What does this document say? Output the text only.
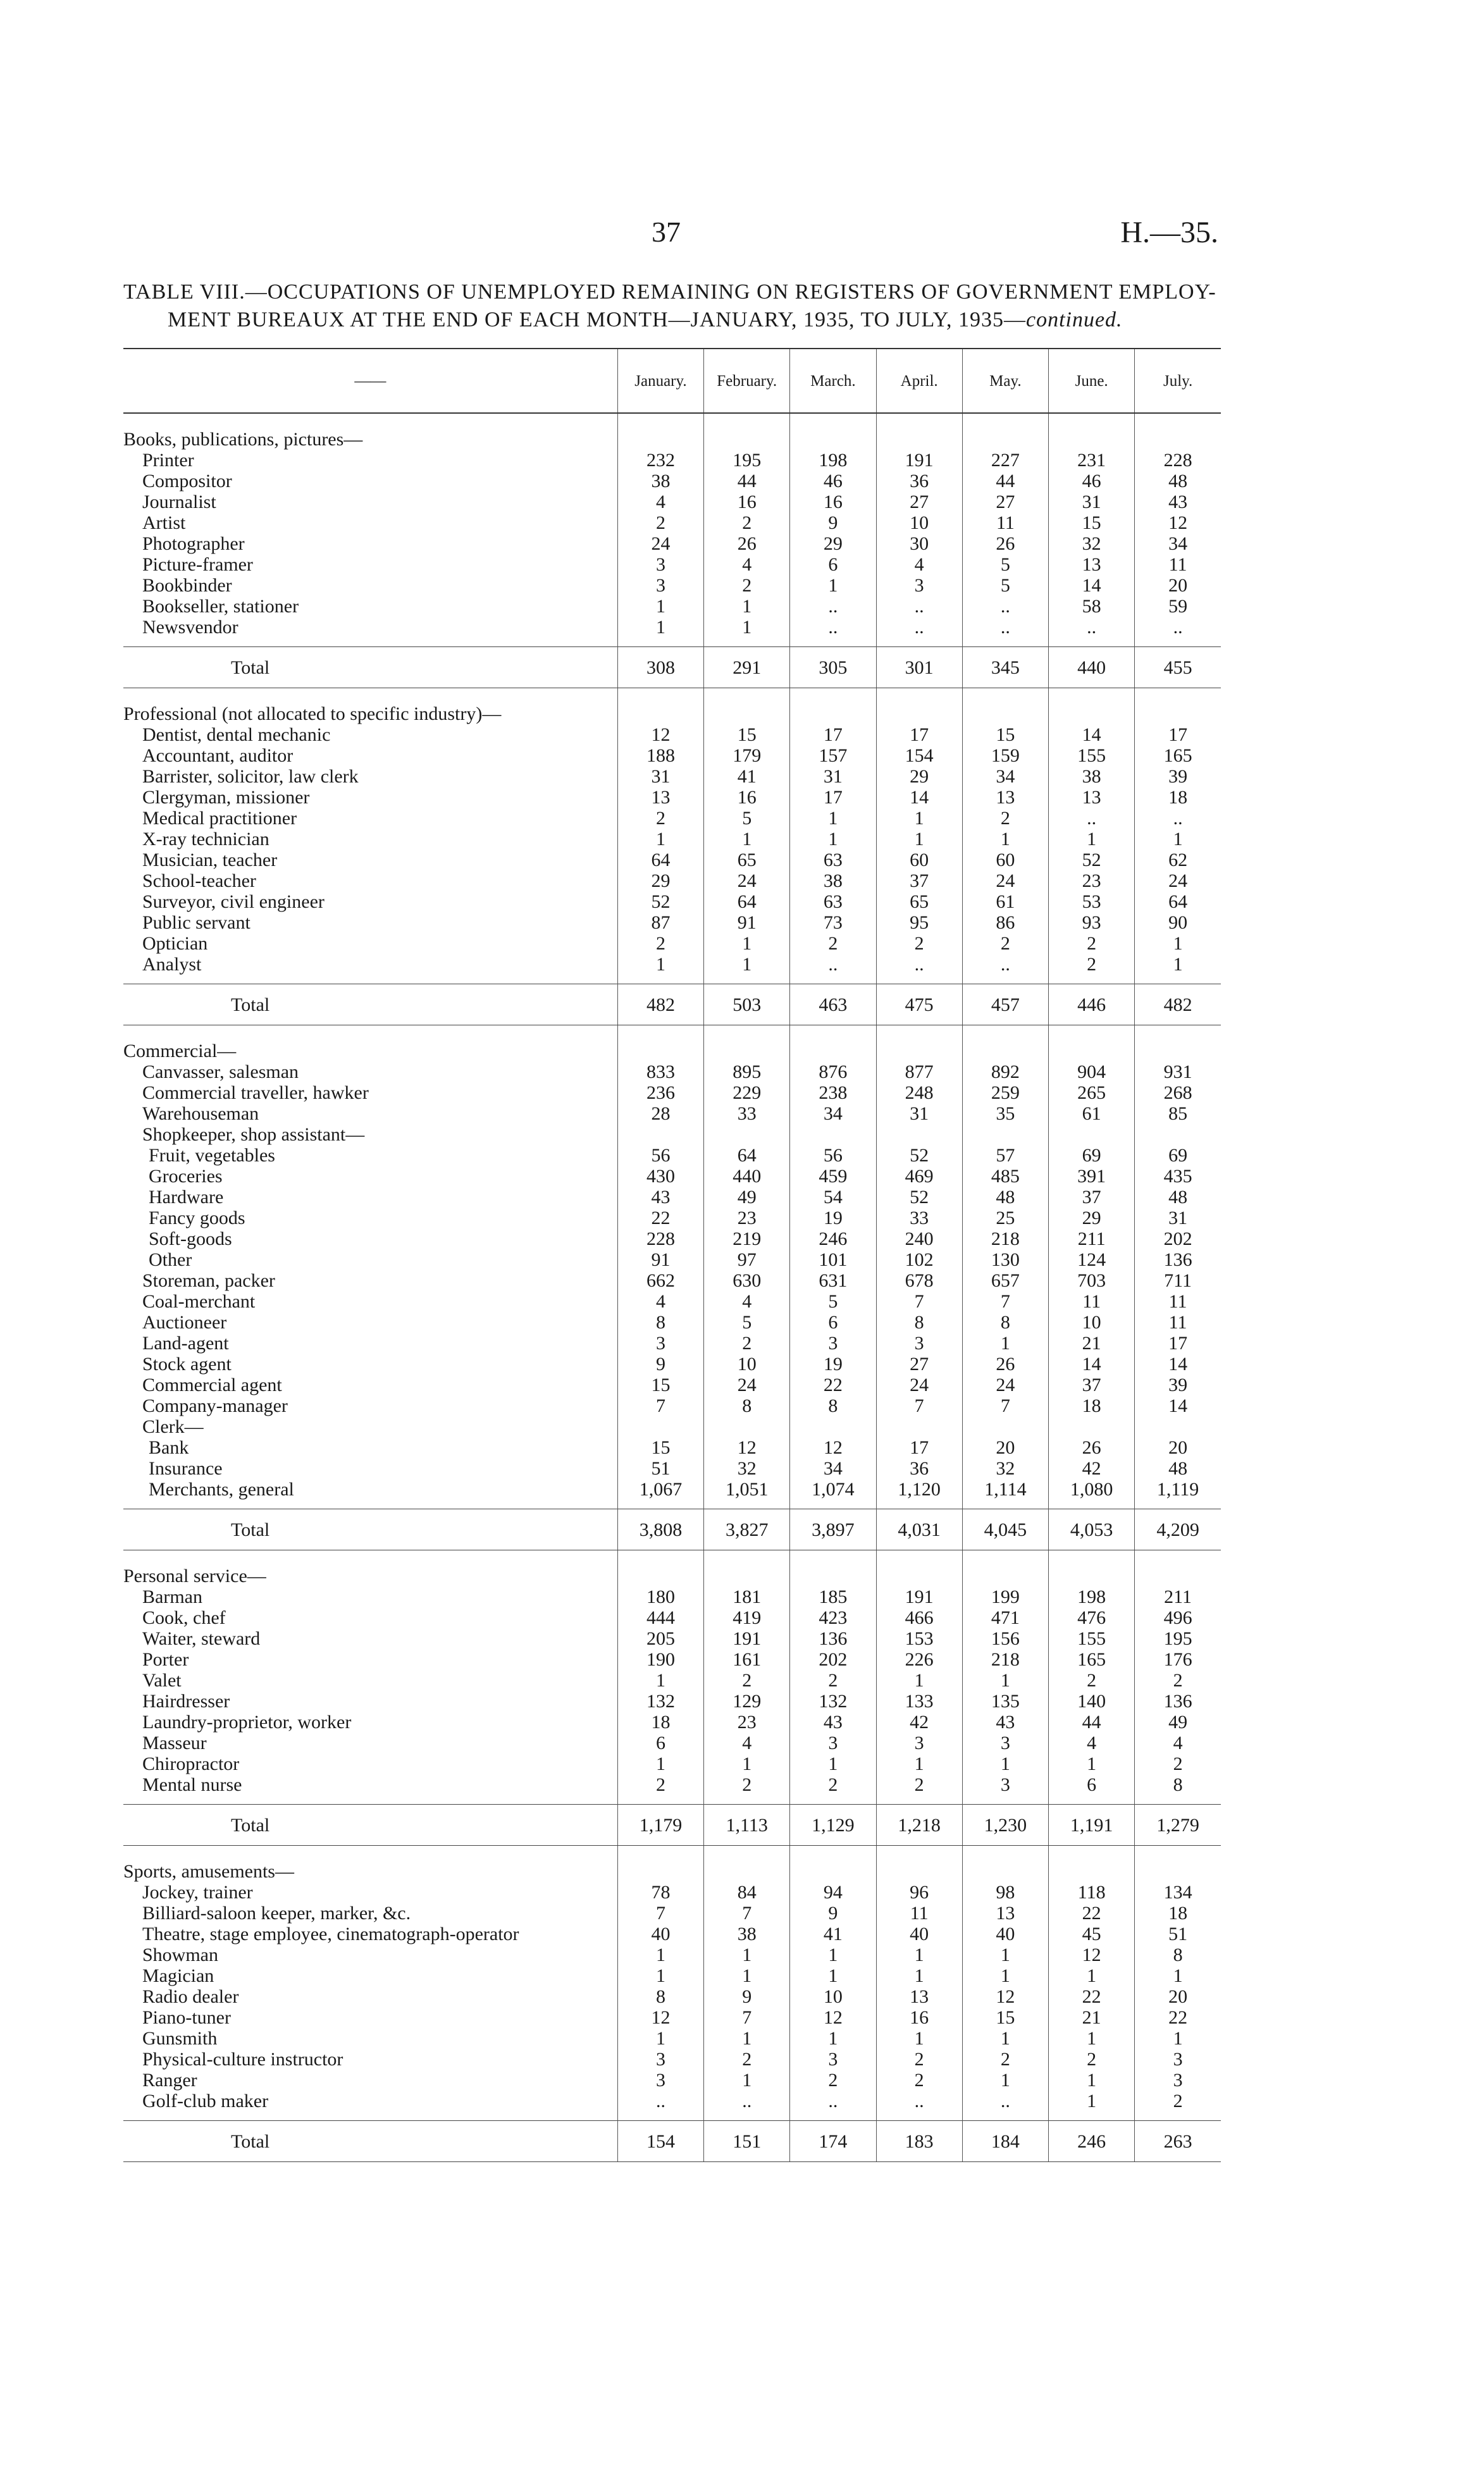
37	H.—35.
TABLE VIII.—OCCUPATIONS OF UNEMPLOYED REMAINING ON REGISTERS OF GOVERNMENT EMPLOY-
MENT BUREAUX AT THE END OF EACH MONTH—JANUARY, 1935, TO JULY, 1935—continued.
——	January.	February.	March.	April.	May.	June.	July.
Books, publications, pictures—							
Printer	232	195	198	191	227	231	228
Compositor	38	44	46	36	44	46	48
Journalist	4	16	16	27	27	31	43
Artist	2	2	9	10	11	15	12
Photographer	24	26	29	30	26	32	34
Picture-framer	3	4	6	4	5	13	11
Bookbinder	3	2	1	3	5	14	20
Bookseller, stationer	1	1	..	..	..	58	59
Newsvendor	1	1	..	..	..	..	..

Total	308	291	305	301	345	440	455
Professional (not allocated to specific industry)—							
Dentist, dental mechanic	12	15	17	17	15	14	17
Accountant, auditor	188	179	157	154	159	155	165
Barrister, solicitor, law clerk	31	41	31	29	34	38	39
Clergyman, missioner	13	16	17	14	13	13	18
Medical practitioner	2	5	1	1	2	..	..
X-ray technician	1	1	1	1	1	1	1
Musician, teacher	64	65	63	60	60	52	62
School-teacher	29	24	38	37	24	23	24
Surveyor, civil engineer	52	64	63	65	61	53	64
Public servant	87	91	73	95	86	93	90
Optician	2	1	2	2	2	2	1
Analyst	1	1	..	..	..	2	1

Total	482	503	463	475	457	446	482
Commercial—							
Canvasser, salesman	833	895	876	877	892	904	931
Commercial traveller, hawker	236	229	238	248	259	265	268
Warehouseman	28	33	34	31	35	61	85
Shopkeeper, shop assistant—							
Fruit, vegetables	56	64	56	52	57	69	69
Groceries	430	440	459	469	485	391	435
Hardware	43	49	54	52	48	37	48
Fancy goods	22	23	19	33	25	29	31
Soft-goods	228	219	246	240	218	211	202
Other	91	97	101	102	130	124	136
Storeman, packer	662	630	631	678	657	703	711
Coal-merchant	4	4	5	7	7	11	11
Auctioneer	8	5	6	8	8	10	11
Land-agent	3	2	3	3	1	21	17
Stock agent	9	10	19	27	26	14	14
Commercial agent	15	24	22	24	24	37	39
Company-manager	7	8	8	7	7	18	14
Clerk—							
Bank	15	12	12	17	20	26	20
Insurance	51	32	34	36	32	42	48
Merchants, general	1,067	1,051	1,074	1,120	1,114	1,080	1,119

Total	3,808	3,827	3,897	4,031	4,045	4,053	4,209
Personal service—							
Barman	180	181	185	191	199	198	211
Cook, chef	444	419	423	466	471	476	496
Waiter, steward	205	191	136	153	156	155	195
Porter	190	161	202	226	218	165	176
Valet	1	2	2	1	1	2	2
Hairdresser	132	129	132	133	135	140	136
Laundry-proprietor, worker	18	23	43	42	43	44	49
Masseur	6	4	3	3	3	4	4
Chiropractor	1	1	1	1	1	1	2
Mental nurse	2	2	2	2	3	6	8

Total	1,179	1,113	1,129	1,218	1,230	1,191	1,279
Sports, amusements—							
Jockey, trainer	78	84	94	96	98	118	134
Billiard-saloon keeper, marker, &c.	7	7	9	11	13	22	18
Theatre, stage employee, cinematograph-operator	40	38	41	40	40	45	51
Showman	1	1	1	1	1	12	8
Magician	1	1	1	1	1	1	1
Radio dealer	8	9	10	13	12	22	20
Piano-tuner	12	7	12	16	15	21	22
Gunsmith	1	1	1	1	1	1	1
Physical-culture instructor	3	2	3	2	2	2	3
Ranger	3	1	2	2	1	1	3
Golf-club maker	..	..	..	..	..	1	2

Total	154	151	174	183	184	246	263
